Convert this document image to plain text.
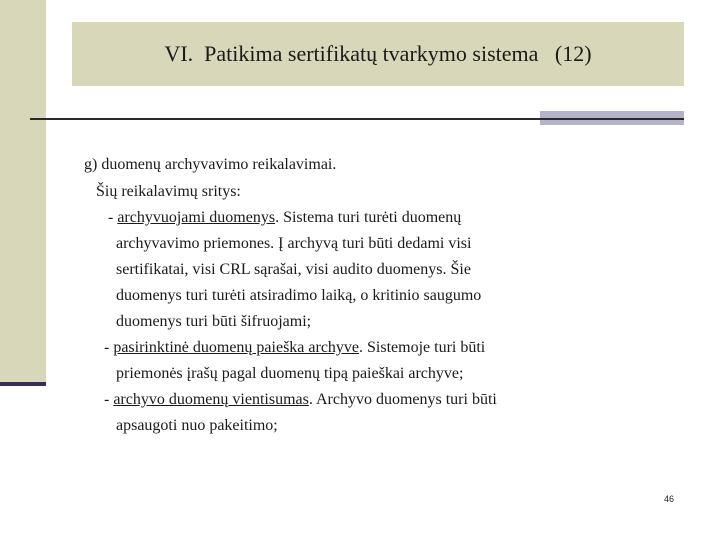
VI.  Patikima sertifikatų tvarkymo sistema   (12)
g) duomenų archyvavimo reikalavimai.
Šių reikalavimų sritys:
- archyvuojami duomenys. Sistema turi turėti duomenų
archyvavimo priemones. Į archyvą turi būti dedami visi
sertifikatai, visi CRL sąrašai, visi audito duomenys. Šie
duomenys turi turėti atsiradimo laiką, o kritinio saugumo
duomenys turi būti šifruojami;
- pasirinktinė duomenų paieška archyve. Sistemoje turi būti
priemonės įrašų pagal duomenų tipą paieškai archyve;
- archyvo duomenų vientisumas. Archyvo duomenys turi būti
apsaugoti nuo pakeitimo;
46
